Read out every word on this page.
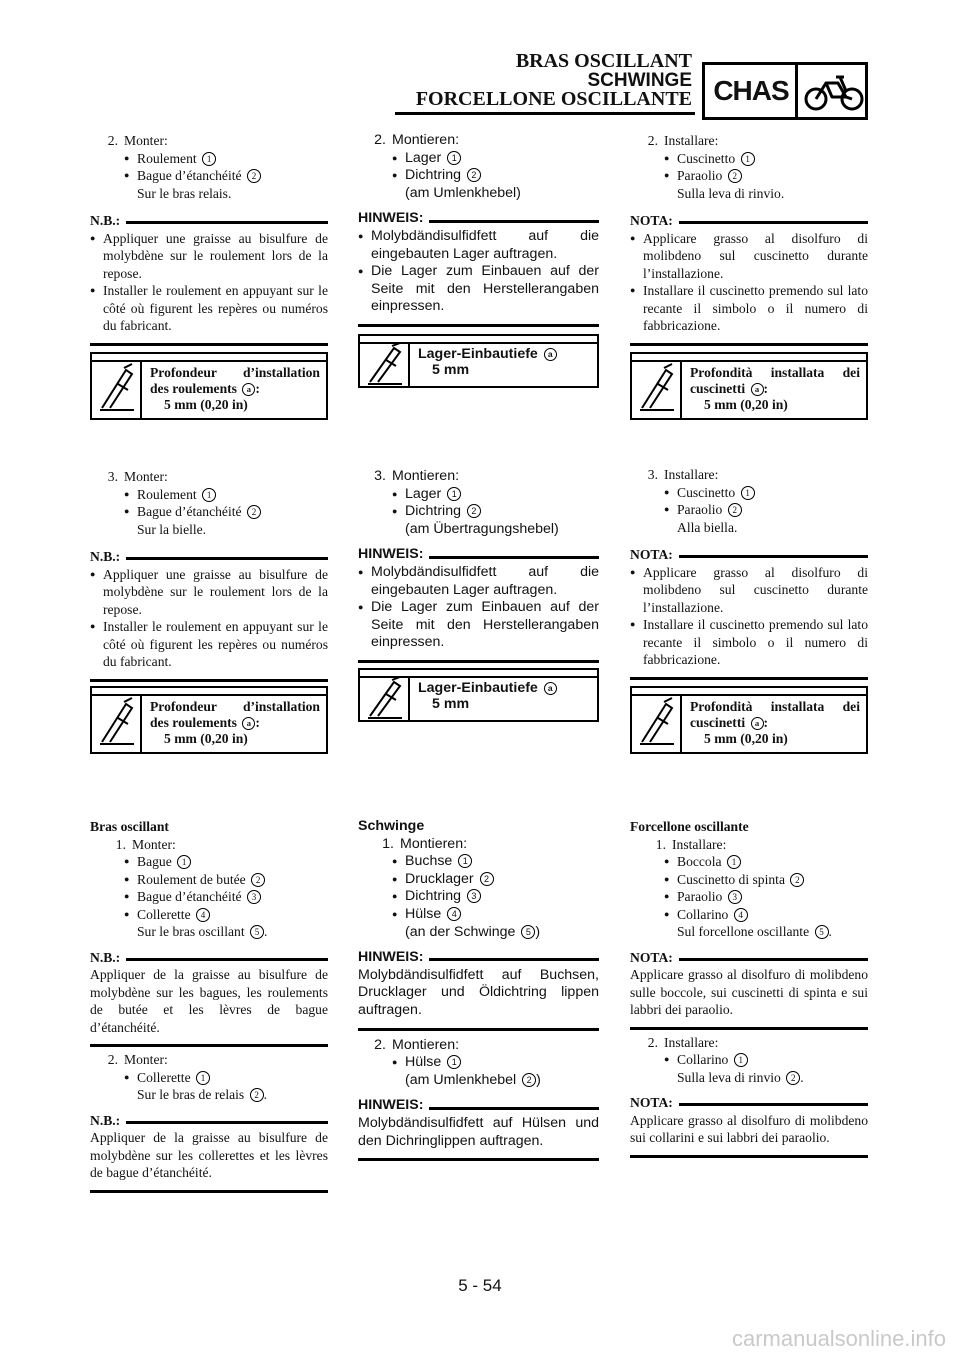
BRAS OSCILLANT
SCHWINGE
FORCELLONE OSCILLANTE CHAS
2. Monter:
● Roulement 1
● Bague d’étanchéité 2
Sur le bras relais.
N.B.:
● Appliquer une graisse au bisulfure de molybdène sur le roulement lors de la repose.
● Installer le roulement en appuyant sur le côté où figurent les repères ou numéros du fabricant.
Profondeur d’installation
des roulements a :
5 mm (0,20 in)
3. Monter:
● Roulement 1
● Bague d’étanchéité 2
Sur la bielle.
N.B.:
● Appliquer une graisse au bisulfure de molybdène sur le roulement lors de la repose.
● Installer le roulement en appuyant sur le côté où figurent les repères ou numéros du fabricant.
Profondeur d’installation
des roulements a :
5 mm (0,20 in)
Bras oscillant
1. Monter:
● Bague 1
● Roulement de butée 2
● Bague d’étanchéité 3
● Collerette 4
Sur le bras oscillant 5 .
N.B.:
Appliquer de la graisse au bisulfure de molybdène sur les bagues, les roulements de butée et les lèvres de bague d’étanchéité.
2. Monter:
● Collerette 1
Sur le bras de relais 2 .
N.B.:
Appliquer de la graisse au bisulfure de molybdène sur les collerettes et les lèvres de bague d’étanchéité.
2. Montieren:
● Lager 1
● Dichtring 2
(am Umlenkhebel)
HINWEIS:
● Molybdändisulfidfett auf die eingebauten Lager auftragen.
● Die Lager zum Einbauen auf der Seite mit den Herstellerangaben einpressen.
Lager-Einbautiefe a
5 mm
3. Montieren:
● Lager 1
● Dichtring 2
(am Übertragungshebel)
HINWEIS:
● Molybdändisulfidfett auf die eingebauten Lager auftragen.
● Die Lager zum Einbauen auf der Seite mit den Herstellerangaben einpressen.
Lager-Einbautiefe a
5 mm
Schwinge
1. Montieren:
● Buchse 1
● Drucklager 2
● Dichtring 3
● Hülse 4
(an der Schwinge 5 )
HINWEIS:
Molybdändisulfidfett auf Buchsen, Drucklager und Öldichtring lippen auftragen.
2. Montieren:
● Hülse 1
(am Umlenkhebel 2 )
HINWEIS:
Molybdändisulfidfett auf Hülsen und den Dichringlippen auftragen.
2. Installare:
● Cuscinetto 1
● Paraolio 2
Sulla leva di rinvio.
NOTA:
● Applicare grasso al disolfuro di molibdeno sul cuscinetto durante l’installazione.
● Installare il cuscinetto premendo sul lato recante il simbolo o il numero di fabbricazione.
Profondità installata dei
cuscinetti a :
5 mm (0,20 in)
3. Installare:
● Cuscinetto 1
● Paraolio 2
Alla biella.
NOTA:
● Applicare grasso al disolfuro di molibdeno sul cuscinetto durante l’installazione.
● Installare il cuscinetto premendo sul lato recante il simbolo o il numero di fabbricazione.
Profondità installata dei
cuscinetti a :
5 mm (0,20 in)
Forcellone oscillante
1. Installare:
● Boccola 1
● Cuscinetto di spinta 2
● Paraolio 3
● Collarino 4
Sul forcellone oscillante 5 .
NOTA:
Applicare grasso al disolfuro di molibdeno sulle boccole, sui cuscinetti di spinta e sui labbri dei paraolio.
2. Installare:
● Collarino 1
Sulla leva di rinvio 2 .
NOTA:
Applicare grasso al disolfuro di molibdeno sui collarini e sui labbri dei paraolio.
5 - 54
carmanualsonline.info
